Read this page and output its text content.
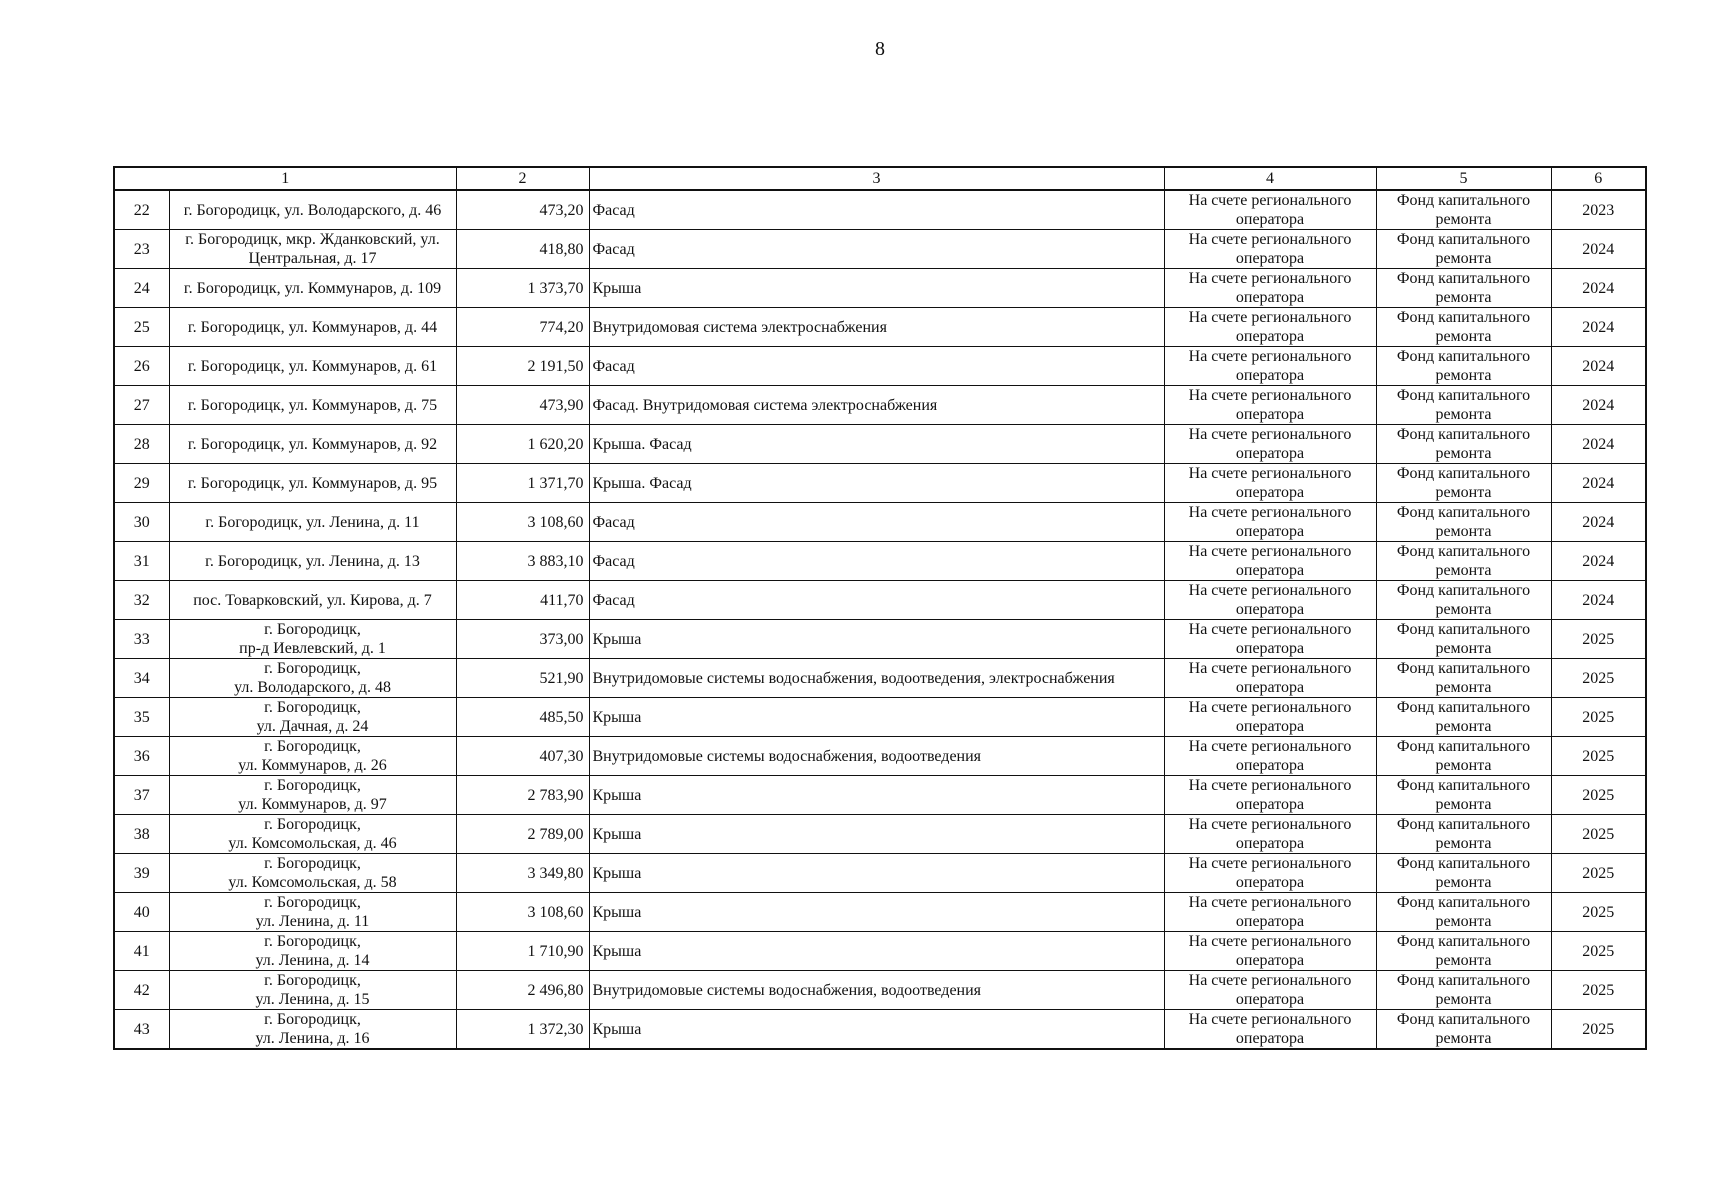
8
1		2	3	4	5	6
22	г. Богородицк, ул. Володарского, д. 46	473,20	Фасад	На счете регионального
оператора	Фонд капитального
ремонта	2023
23	г. Богородицк, мкр. Жданковский, ул.
Центральная, д. 17	418,80	Фасад	На счете регионального
оператора	Фонд капитального
ремонта	2024
24	г. Богородицк, ул. Коммунаров, д. 109	1 373,70	Крыша	На счете регионального
оператора	Фонд капитального
ремонта	2024
25	г. Богородицк, ул. Коммунаров, д. 44	774,20	Внутридомовая система электроснабжения	На счете регионального
оператора	Фонд капитального
ремонта	2024
26	г. Богородицк, ул. Коммунаров, д. 61	2 191,50	Фасад	На счете регионального
оператора	Фонд капитального
ремонта	2024
27	г. Богородицк, ул. Коммунаров, д. 75	473,90	Фасад. Внутридомовая система электроснабжения	На счете регионального
оператора	Фонд капитального
ремонта	2024
28	г. Богородицк, ул. Коммунаров, д. 92	1 620,20	Крыша. Фасад	На счете регионального
оператора	Фонд капитального
ремонта	2024
29	г. Богородицк, ул. Коммунаров, д. 95	1 371,70	Крыша. Фасад	На счете регионального
оператора	Фонд капитального
ремонта	2024
30	г. Богородицк, ул. Ленина, д. 11	3 108,60	Фасад	На счете регионального
оператора	Фонд капитального
ремонта	2024
31	г. Богородицк, ул. Ленина, д. 13	3 883,10	Фасад	На счете регионального
оператора	Фонд капитального
ремонта	2024
32	пос. Товарковский, ул. Кирова, д. 7	411,70	Фасад	На счете регионального
оператора	Фонд капитального
ремонта	2024
33	г. Богородицк,
пр-д Иевлевский, д. 1	373,00	Крыша	На счете регионального
оператора	Фонд капитального
ремонта	2025
34	г. Богородицк,
ул. Володарского, д. 48	521,90	Внутридомовые системы водоснабжения, водоотведения, электроснабжения	На счете регионального
оператора	Фонд капитального
ремонта	2025
35	г. Богородицк,
ул. Дачная, д. 24	485,50	Крыша	На счете регионального
оператора	Фонд капитального
ремонта	2025
36	г. Богородицк,
ул. Коммунаров, д. 26	407,30	Внутридомовые системы водоснабжения, водоотведения	На счете регионального
оператора	Фонд капитального
ремонта	2025
37	г. Богородицк,
ул. Коммунаров, д. 97	2 783,90	Крыша	На счете регионального
оператора	Фонд капитального
ремонта	2025
38	г. Богородицк,
ул. Комсомольская, д. 46	2 789,00	Крыша	На счете регионального
оператора	Фонд капитального
ремонта	2025
39	г. Богородицк,
ул. Комсомольская, д. 58	3 349,80	Крыша	На счете регионального
оператора	Фонд капитального
ремонта	2025
40	г. Богородицк,
ул. Ленина, д. 11	3 108,60	Крыша	На счете регионального
оператора	Фонд капитального
ремонта	2025
41	г. Богородицк,
ул. Ленина, д. 14	1 710,90	Крыша	На счете регионального
оператора	Фонд капитального
ремонта	2025
42	г. Богородицк,
ул. Ленина, д. 15	2 496,80	Внутридомовые системы водоснабжения, водоотведения	На счете регионального
оператора	Фонд капитального
ремонта	2025
43	г. Богородицк,
ул. Ленина, д. 16	1 372,30	Крыша	На счете регионального
оператора	Фонд капитального
ремонта	2025
